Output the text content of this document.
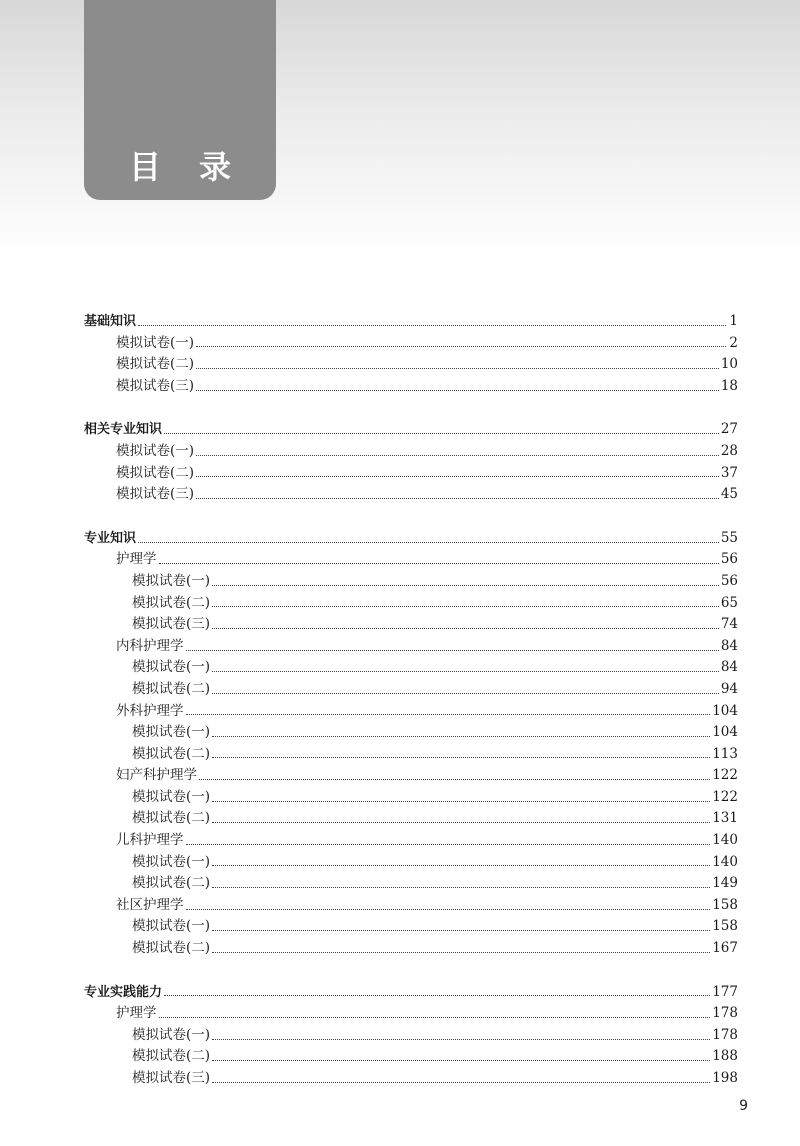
目录
基础知识	1
模拟试卷(一)	2
模拟试卷(二)	10
模拟试卷(三)	18
相关专业知识	27
模拟试卷(一)	28
模拟试卷(二)	37
模拟试卷(三)	45
专业知识	55
护理学	56
模拟试卷(一)	56
模拟试卷(二)	65
模拟试卷(三)	74
内科护理学	84
模拟试卷(一)	84
模拟试卷(二)	94
外科护理学	104
模拟试卷(一)	104
模拟试卷(二)	113
妇产科护理学	122
模拟试卷(一)	122
模拟试卷(二)	131
儿科护理学	140
模拟试卷(一)	140
模拟试卷(二)	149
社区护理学	158
模拟试卷(一)	158
模拟试卷(二)	167
专业实践能力	177
护理学	178
模拟试卷(一)	178
模拟试卷(二)	188
模拟试卷(三)	198
9
